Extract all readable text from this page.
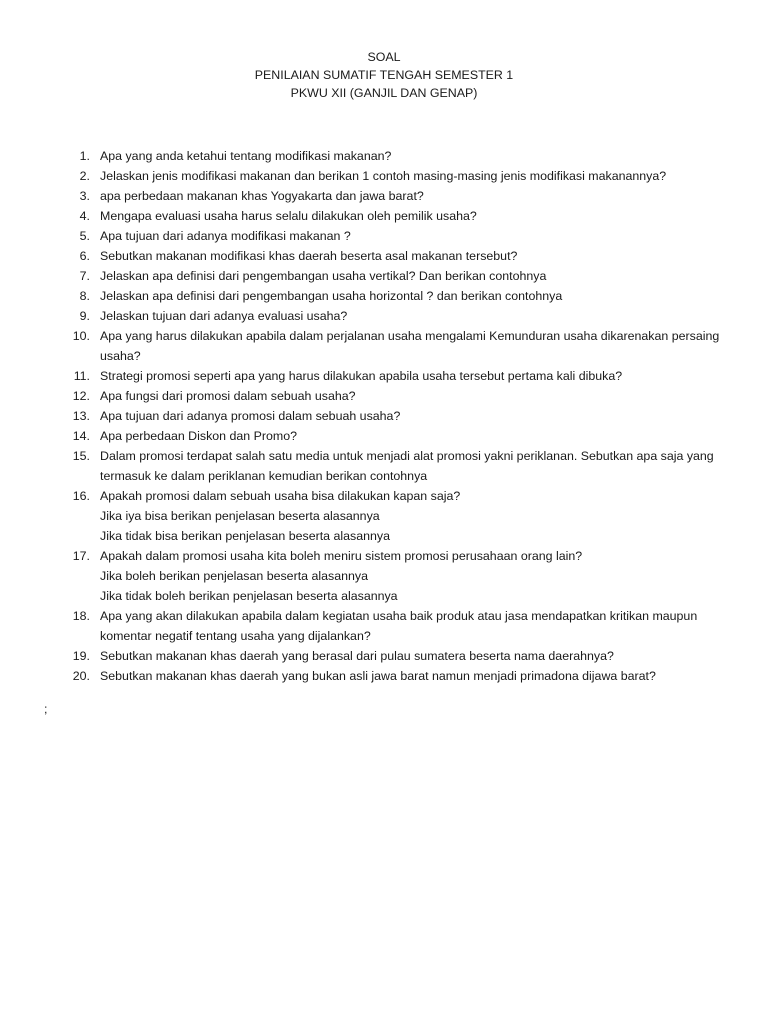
SOAL
PENILAIAN SUMATIF TENGAH SEMESTER 1
PKWU XII (GANJIL DAN GENAP)
1. Apa yang anda ketahui tentang modifikasi makanan?
2. Jelaskan jenis modifikasi makanan dan berikan 1 contoh masing-masing jenis modifikasi makanannya?
3. apa perbedaan makanan khas Yogyakarta dan jawa barat?
4. Mengapa evaluasi usaha harus selalu dilakukan oleh pemilik usaha?
5. Apa tujuan dari adanya modifikasi makanan ?
6. Sebutkan makanan modifikasi khas daerah beserta asal makanan tersebut?
7. Jelaskan apa definisi dari pengembangan usaha vertikal? Dan berikan contohnya
8. Jelaskan apa definisi dari pengembangan usaha horizontal ? dan berikan contohnya
9. Jelaskan tujuan dari adanya evaluasi usaha?
10. Apa yang harus dilakukan apabila dalam perjalanan usaha mengalami Kemunduran usaha dikarenakan persaing
usaha?
11. Strategi promosi seperti apa yang harus dilakukan apabila usaha tersebut pertama kali dibuka?
12. Apa fungsi dari promosi dalam sebuah usaha?
13. Apa tujuan dari adanya promosi dalam sebuah usaha?
14. Apa perbedaan Diskon dan Promo?
15. Dalam promosi terdapat salah satu media untuk menjadi alat promosi yakni periklanan. Sebutkan apa saja yang
termasuk ke dalam periklanan kemudian berikan contohnya
16. Apakah promosi dalam sebuah usaha bisa dilakukan kapan saja?
Jika iya bisa berikan penjelasan beserta alasannya
Jika tidak bisa berikan penjelasan beserta alasannya
17. Apakah dalam promosi usaha kita boleh meniru sistem promosi perusahaan orang lain?
Jika boleh berikan penjelasan beserta alasannya
Jika tidak boleh berikan penjelasan beserta alasannya
18. Apa yang akan dilakukan apabila dalam kegiatan usaha baik produk atau jasa mendapatkan kritikan maupun
komentar negatif tentang usaha yang dijalankan?
19. Sebutkan makanan khas daerah yang berasal dari pulau sumatera beserta nama daerahnya?
20. Sebutkan makanan khas daerah yang bukan asli jawa barat namun menjadi primadona dijawa barat?
;
